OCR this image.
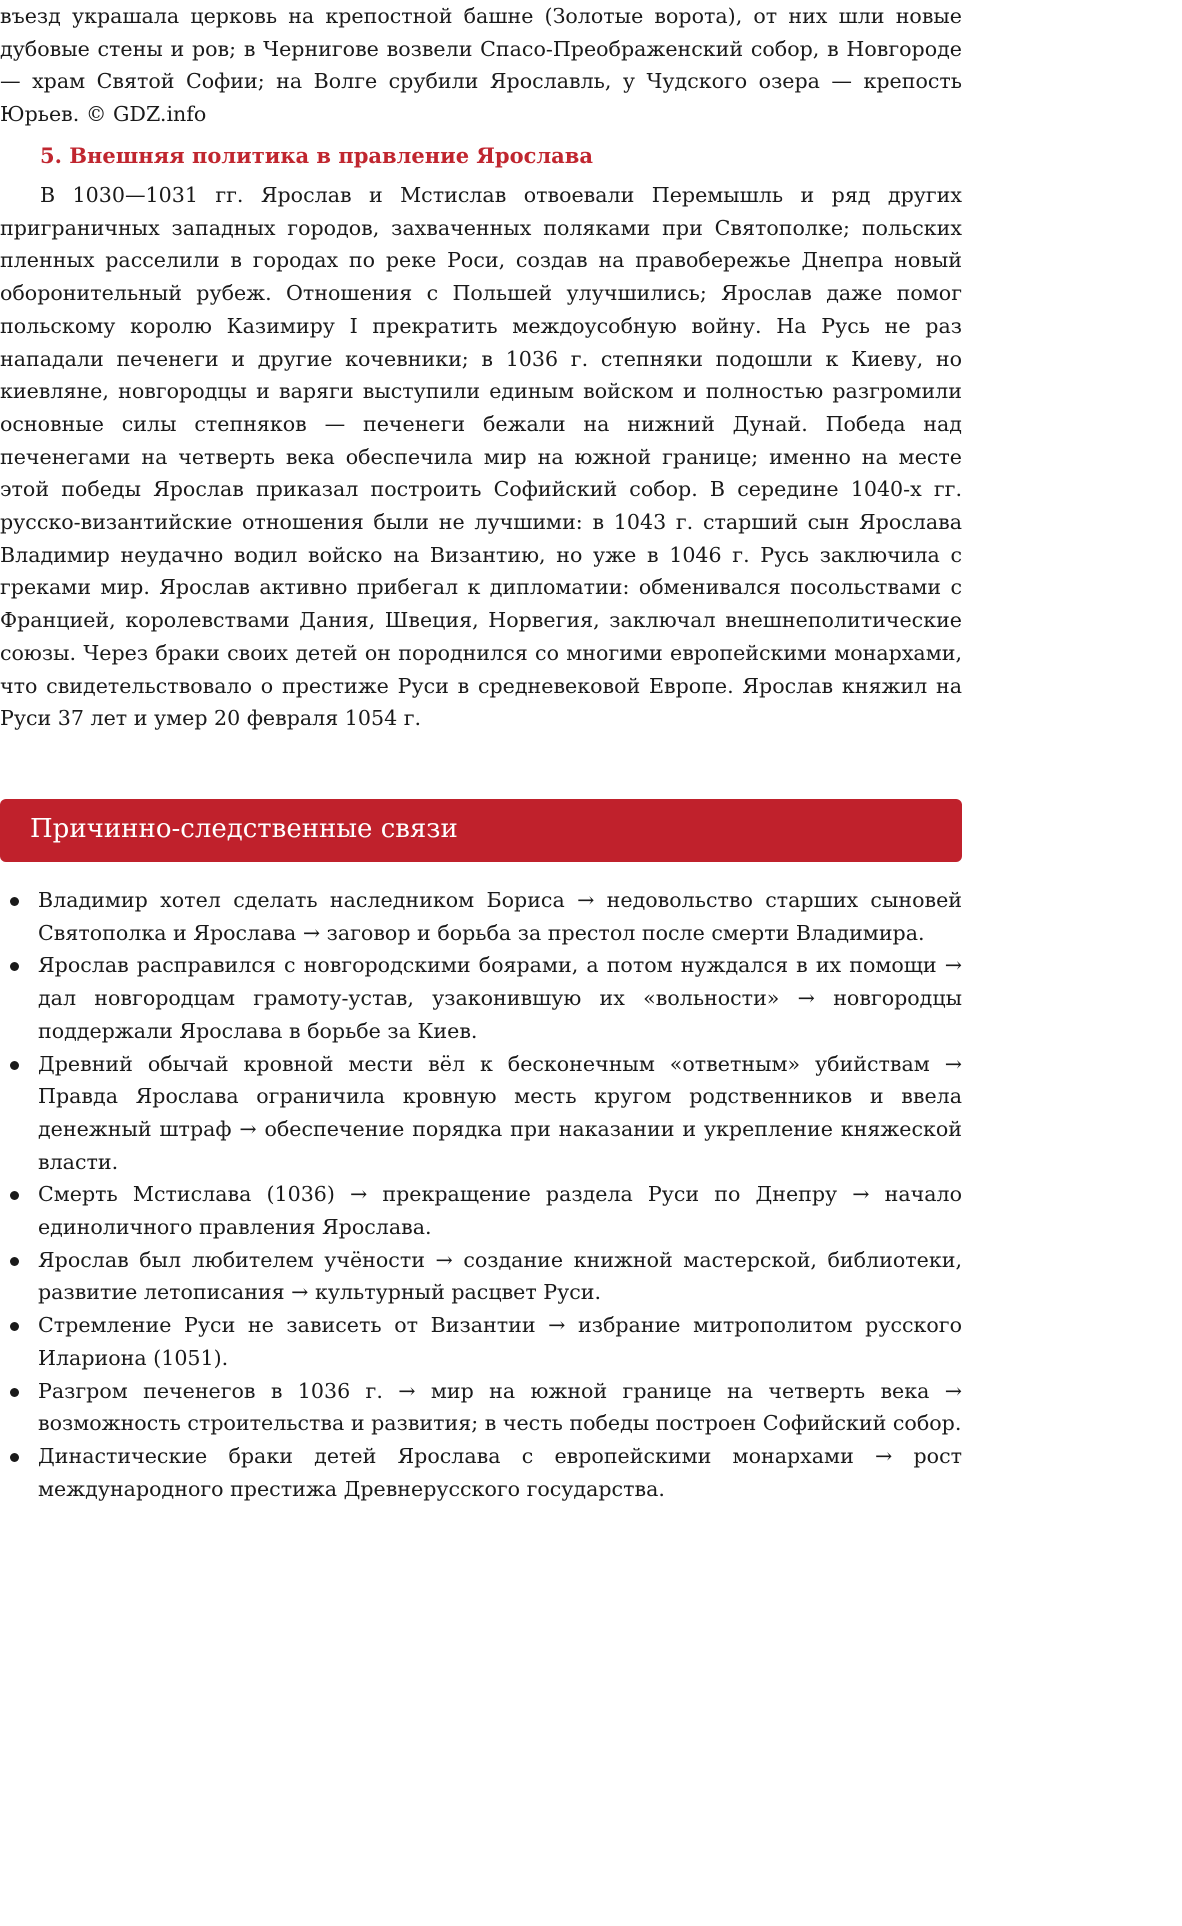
въезд украшала церковь на крепостной башне (Золотые ворота), от них шли новые дубовые стены и ров; в Чернигове возвели Спасо-Преображенский собор, в Новгороде — храм Святой Софии; на Волге срубили Ярославль, у Чудского озера — крепость Юрьев. © GDZ.info

5. Внешняя политика в правление Ярослава

В 1030—1031 гг. Ярослав и Мстислав отвоевали Перемышль и ряд других приграничных западных городов, захваченных поляками при Святополке; польских пленных расселили в городах по реке Роси, создав на правобережье Днепра новый оборонительный рубеж. Отношения с Польшей улучшились; Ярослав даже помог польскому королю Казимиру I прекратить междоусобную войну. На Русь не раз нападали печенеги и другие кочевники; в 1036 г. степняки подошли к Киеву, но киевляне, новгородцы и варяги выступили единым войском и полностью разгромили основные силы степняков — печенеги бежали на нижний Дунай. Победа над печенегами на четверть века обеспечила мир на южной границе; именно на месте этой победы Ярослав приказал построить Софийский собор. В середине 1040-х гг. русско-византийские отношения были не лучшими: в 1043 г. старший сын Ярослава Владимир неудачно водил войско на Византию, но уже в 1046 г. Русь заключила с греками мир. Ярослав активно прибегал к дипломатии: обменивался посольствами с Францией, королевствами Дания, Швеция, Норвегия, заключал внешнеполитические союзы. Через браки своих детей он породнился со многими европейскими монархами, что свидетельствовало о престиже Руси в средневековой Европе. Ярослав княжил на Руси 37 лет и умер 20 февраля 1054 г.

Причинно-следственные связи
Владимир хотел сделать наследником Бориса → недовольство старших сыновей Святополка и Ярослава → заговор и борьба за престол после смерти Владимира.
Ярослав расправился с новгородскими боярами, а потом нуждался в их помощи → дал новгородцам грамоту-устав, узаконившую их «вольности» → новгородцы поддержали Ярослава в борьбе за Киев.
Древний обычай кровной мести вёл к бесконечным «ответным» убийствам → Правда Ярослава ограничила кровную месть кругом родственников и ввела денежный штраф → обеспечение порядка при наказании и укрепление княжеской власти.
Смерть Мстислава (1036) → прекращение раздела Руси по Днепру → начало единоличного правления Ярослава.
Ярослав был любителем учёности → создание книжной мастерской, библиотеки, развитие летописания → культурный расцвет Руси.
Стремление Руси не зависеть от Византии → избрание митрополитом русского Илариона (1051).
Разгром печенегов в 1036 г. → мир на южной границе на четверть века → возможность строительства и развития; в честь победы построен Софийский собор.
Династические браки детей Ярослава с европейскими монархами → рост международного престижа Древнерусского государства.
